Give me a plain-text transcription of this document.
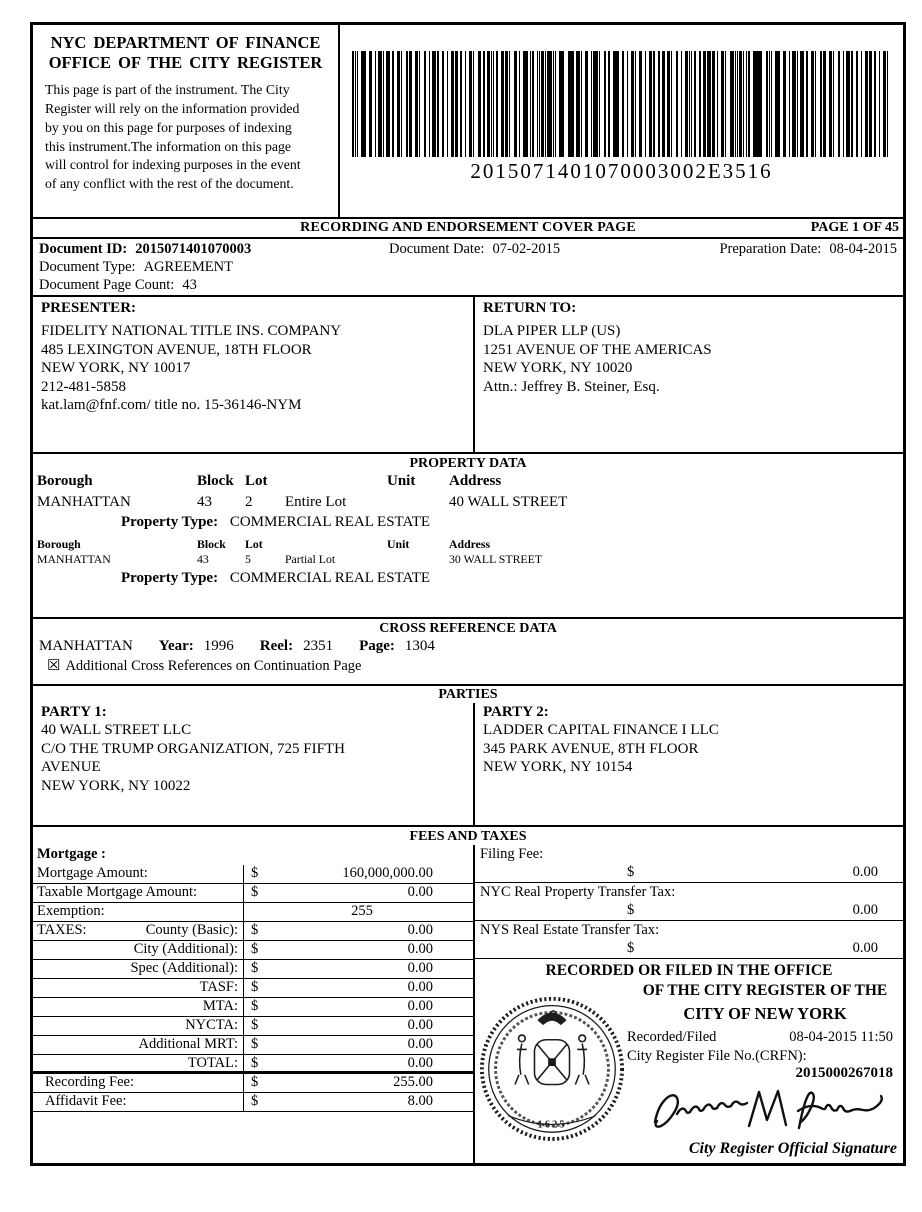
NYC DEPARTMENT OF FINANCE
OFFICE OF THE CITY REGISTER
This page is part of the instrument. The City
Register will rely on the information provided
by you on this page for purposes of indexing
this instrument.The information on this page
will control for indexing purposes in the event
of any conflict with the rest of the document.
2015071401070003002E3516
RECORDING AND ENDORSEMENT COVER PAGE	PAGE 1 OF 45
Document ID: 2015071401070003	Document Date: 07-02-2015	Preparation Date: 08-04-2015
Document Type: AGREEMENT
Document Page Count: 43
PRESENTER:
FIDELITY NATIONAL TITLE INS. COMPANY
485 LEXINGTON AVENUE, 18TH FLOOR
NEW YORK, NY 10017
212-481-5858
kat.lam@fnf.com/ title no. 15-36146-NYM
RETURN TO:
DLA PIPER LLP (US)
1251 AVENUE OF THE AMERICAS
NEW YORK, NY 10020
Attn.: Jeffrey B. Steiner, Esq.
PROPERTY DATA
Borough	Block Lot	Unit	Address
MANHATTAN	43	2	Entire Lot	40 WALL STREET
Property Type: COMMERCIAL REAL ESTATE
Borough	Block	Lot	Unit	Address
MANHATTAN	43	5	Partial Lot	30 WALL STREET
Property Type: COMMERCIAL REAL ESTATE
CROSS REFERENCE DATA
MANHATTAN Year: 1996 Reel: 2351 Page: 1304
☒ Additional Cross References on Continuation Page
PARTIES
PARTY 1:
40 WALL STREET LLC
C/O THE TRUMP ORGANIZATION, 725 FIFTH
AVENUE
NEW YORK, NY 10022
PARTY 2:
LADDER CAPITAL FINANCE I LLC
345 PARK AVENUE, 8TH FLOOR
NEW YORK, NY 10154
FEES AND TAXES
Mortgage :
Mortgage Amount:	$	160,000,000.00
Taxable Mortgage Amount:	$	0.00
Exemption:	255
TAXES:	County (Basic): $	0.00
City (Additional): $	0.00
Spec (Additional): $	0.00
TASF: $	0.00
MTA: $	0.00
NYCTA: $	0.00
Additional MRT: $	0.00
TOTAL: $	0.00
Recording Fee:	$	255.00
Affidavit Fee:	$	8.00
Filing Fee:
$	0.00
NYC Real Property Transfer Tax:
$	0.00
NYS Real Estate Transfer Tax:
$	0.00
RECORDED OR FILED IN THE OFFICE
1625
OF THE CITY REGISTER OF THE
CITY OF NEW YORK
Recorded/Filed	08-04-2015 11:50
City Register File No.(CRFN):
2015000267018
City Register Official Signature
